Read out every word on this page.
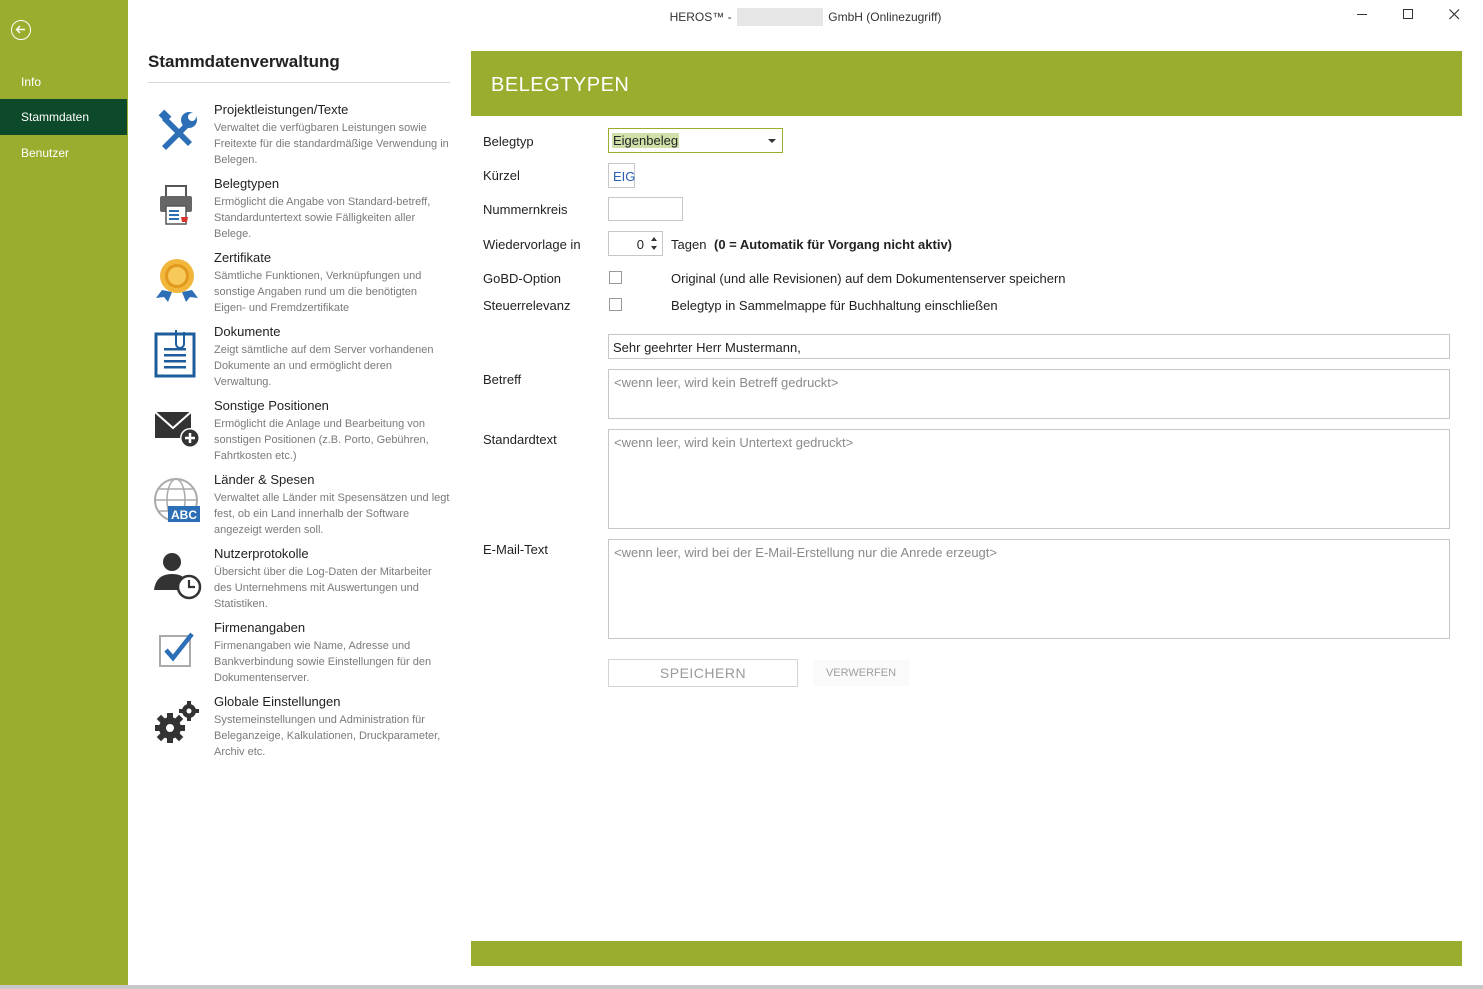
Info
Stammdaten
Benutzer
HEROS™ -	GmbH (Onlinezugriff)
Stammdatenverwaltung
Projektleistungen/Texte
Verwaltet die verfügbaren Leistungen sowie Freitexte für die standardmäßige Verwendung in Belegen.
Belegtypen
Ermöglicht die Angabe von Standard-betreff, Standarduntertext sowie Fälligkeiten aller Belege.
Zertifikate
Sämtliche Funktionen, Verknüpfungen und sonstige Angaben rund um die benötigten Eigen- und Fremdzertifikate
Dokumente
Zeigt sämtliche auf dem Server vorhandenen Dokumente an und ermöglicht deren Verwaltung.
Sonstige Positionen
Ermöglicht die Anlage und Bearbeitung von sonstigen Positionen (z.B. Porto, Gebühren, Fahrtkosten etc.)
ABC
Länder & Spesen
Verwaltet alle Länder mit Spesensätzen und legt fest, ob ein Land innerhalb der Software angezeigt werden soll.
Nutzerprotokolle
Übersicht über die Log-Daten der Mitarbeiter des Unternehmens mit Auswertungen und Statistiken.
Firmenangaben
Firmenangaben wie Name, Adresse und Bankverbindung sowie Einstellungen für den Dokumentenserver.
Globale Einstellungen
Systemeinstellungen und Administration für Beleganzeige, Kalkulationen, Druckparameter, Archiv etc.
BELEGTYPEN
Belegtyp	Eigenbeleg
Kürzel	EIG
Nummernkreis
Wiedervorlage in	0 Tagen (0 = Automatik für Vorgang nicht aktiv)
GoBD-Option	Original (und alle Revisionen) auf dem Dokumentenserver speichern
Steuerrelevanz	Belegtyp in Sammelmappe für Buchhaltung einschließen
Sehr geehrter Herr Mustermann,
Betreff	<wenn leer, wird kein Betreff gedruckt>
Standardtext	<wenn leer, wird kein Untertext gedruckt>
E-Mail-Text	<wenn leer, wird bei der E-Mail-Erstellung nur die Anrede erzeugt>
SPEICHERN	VERWERFEN
